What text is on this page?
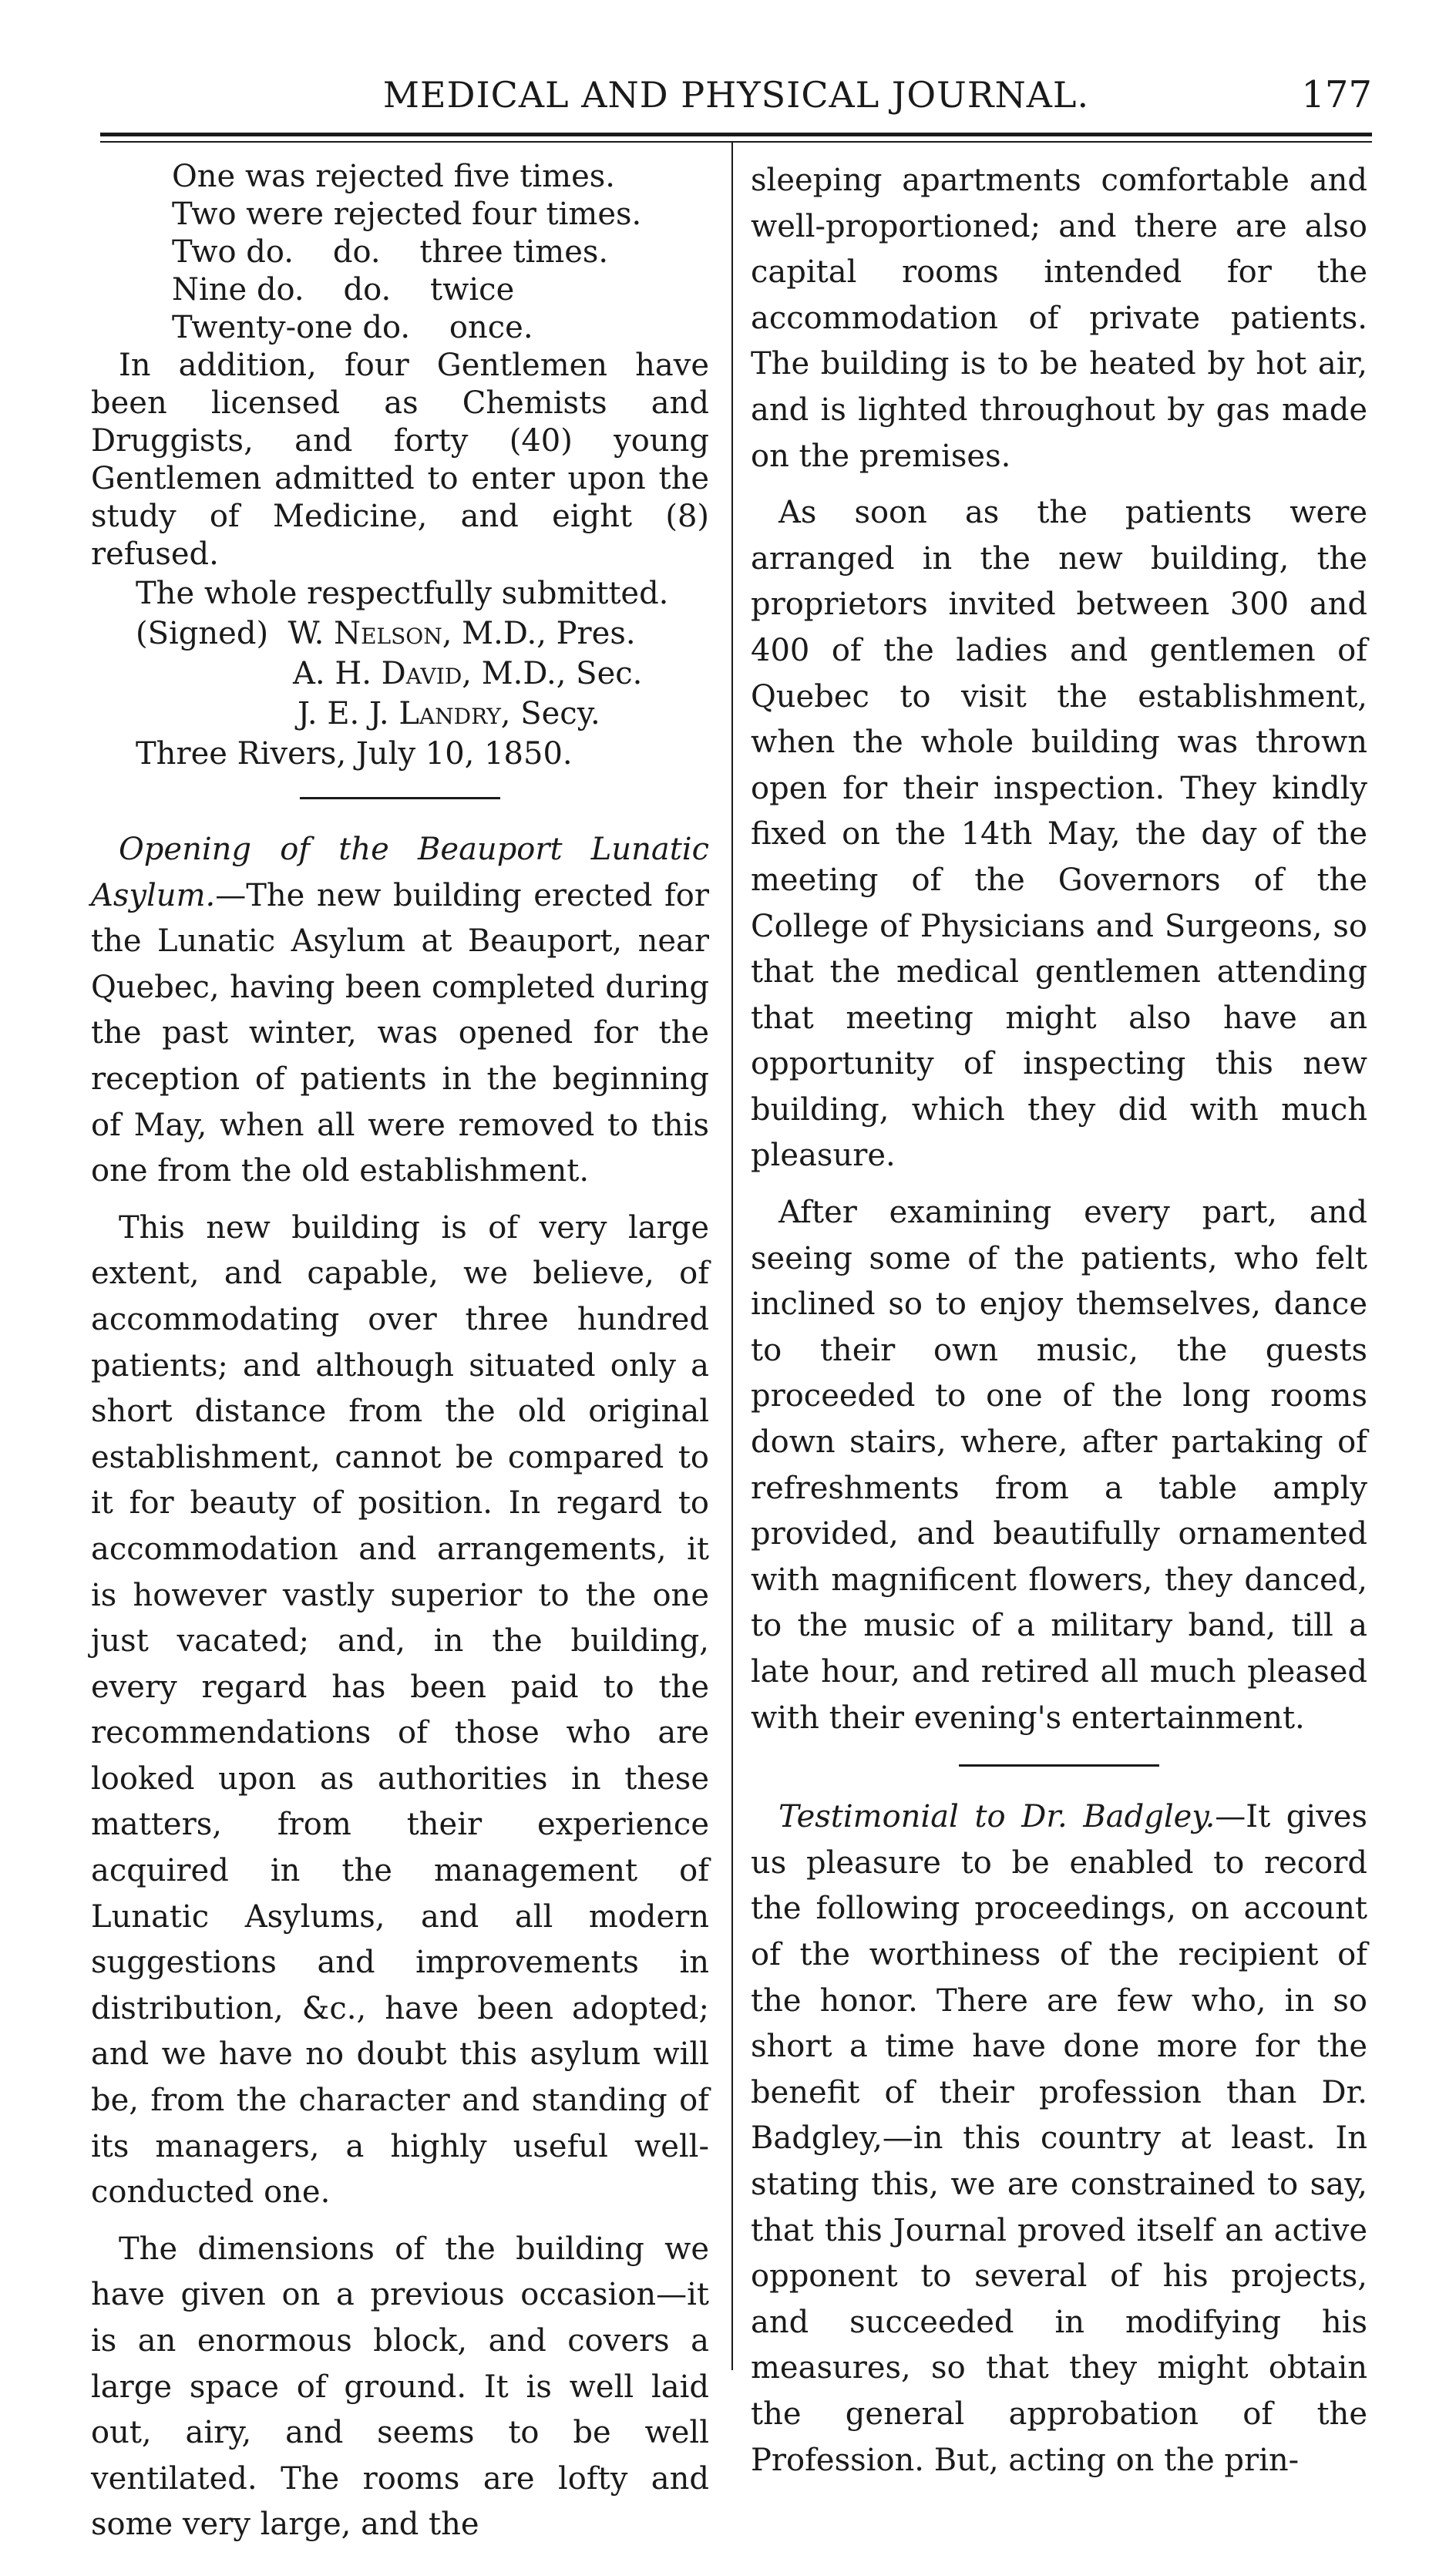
MEDICAL AND PHYSICAL JOURNAL.	177

One was rejected five times.

Two were rejected four times.

Two do.    do.    three times.

Nine do.    do.    twice

Twenty-one do.    once.

In addition, four Gentlemen have been licensed as Chemists and Druggists, and forty (40) young Gentlemen admitted to enter upon the study of Medicine, and eight (8) refused.

The whole respectfully submitted.

(Signed) W. Nelson, M.D., Pres.

A. H. David, M.D., Sec.

J. E. J. Landry, Secy.

Three Rivers, July 10, 1850.

Opening of the Beauport Lunatic Asylum.—The new building erected for the Lunatic Asylum at Beauport, near Quebec, having been completed during the past winter, was opened for the reception of patients in the beginning of May, when all were removed to this one from the old establishment.

This new building is of very large extent, and capable, we believe, of accommodating over three hundred patients; and although situated only a short distance from the old original establishment, cannot be compared to it for beauty of position. In regard to accommodation and arrangements, it is however vastly superior to the one just vacated; and, in the building, every regard has been paid to the recommendations of those who are looked upon as authorities in these matters, from their experience acquired in the management of Lunatic Asylums, and all modern suggestions and improvements in distribution, &c., have been adopted; and we have no doubt this asylum will be, from the character and standing of its managers, a highly useful well-conducted one.

The dimensions of the building we have given on a previous occasion—it is an enormous block, and covers a large space of ground. It is well laid out, airy, and seems to be well ventilated. The rooms are lofty and some very large, and the

sleeping apartments comfortable and well-proportioned; and there are also capital rooms intended for the accommodation of private patients. The building is to be heated by hot air, and is lighted throughout by gas made on the premises.

As soon as the patients were arranged in the new building, the proprietors invited between 300 and 400 of the ladies and gentlemen of Quebec to visit the establishment, when the whole building was thrown open for their inspection. They kindly fixed on the 14th May, the day of the meeting of the Governors of the College of Physicians and Surgeons, so that the medical gentlemen attending that meeting might also have an opportunity of inspecting this new building, which they did with much pleasure.

After examining every part, and seeing some of the patients, who felt inclined so to enjoy themselves, dance to their own music, the guests proceeded to one of the long rooms down stairs, where, after partaking of refreshments from a table amply provided, and beautifully ornamented with magnificent flowers, they danced, to the music of a military band, till a late hour, and retired all much pleased with their evening's entertainment.

Testimonial to Dr. Badgley.—It gives us pleasure to be enabled to record the following proceedings, on account of the worthiness of the recipient of the honor. There are few who, in so short a time have done more for the benefit of their profession than Dr. Badgley,—in this country at least. In stating this, we are constrained to say, that this Journal proved itself an active opponent to several of his projects, and succeeded in modifying his measures, so that they might obtain the general approbation of the Profession. But, acting on the prin-
